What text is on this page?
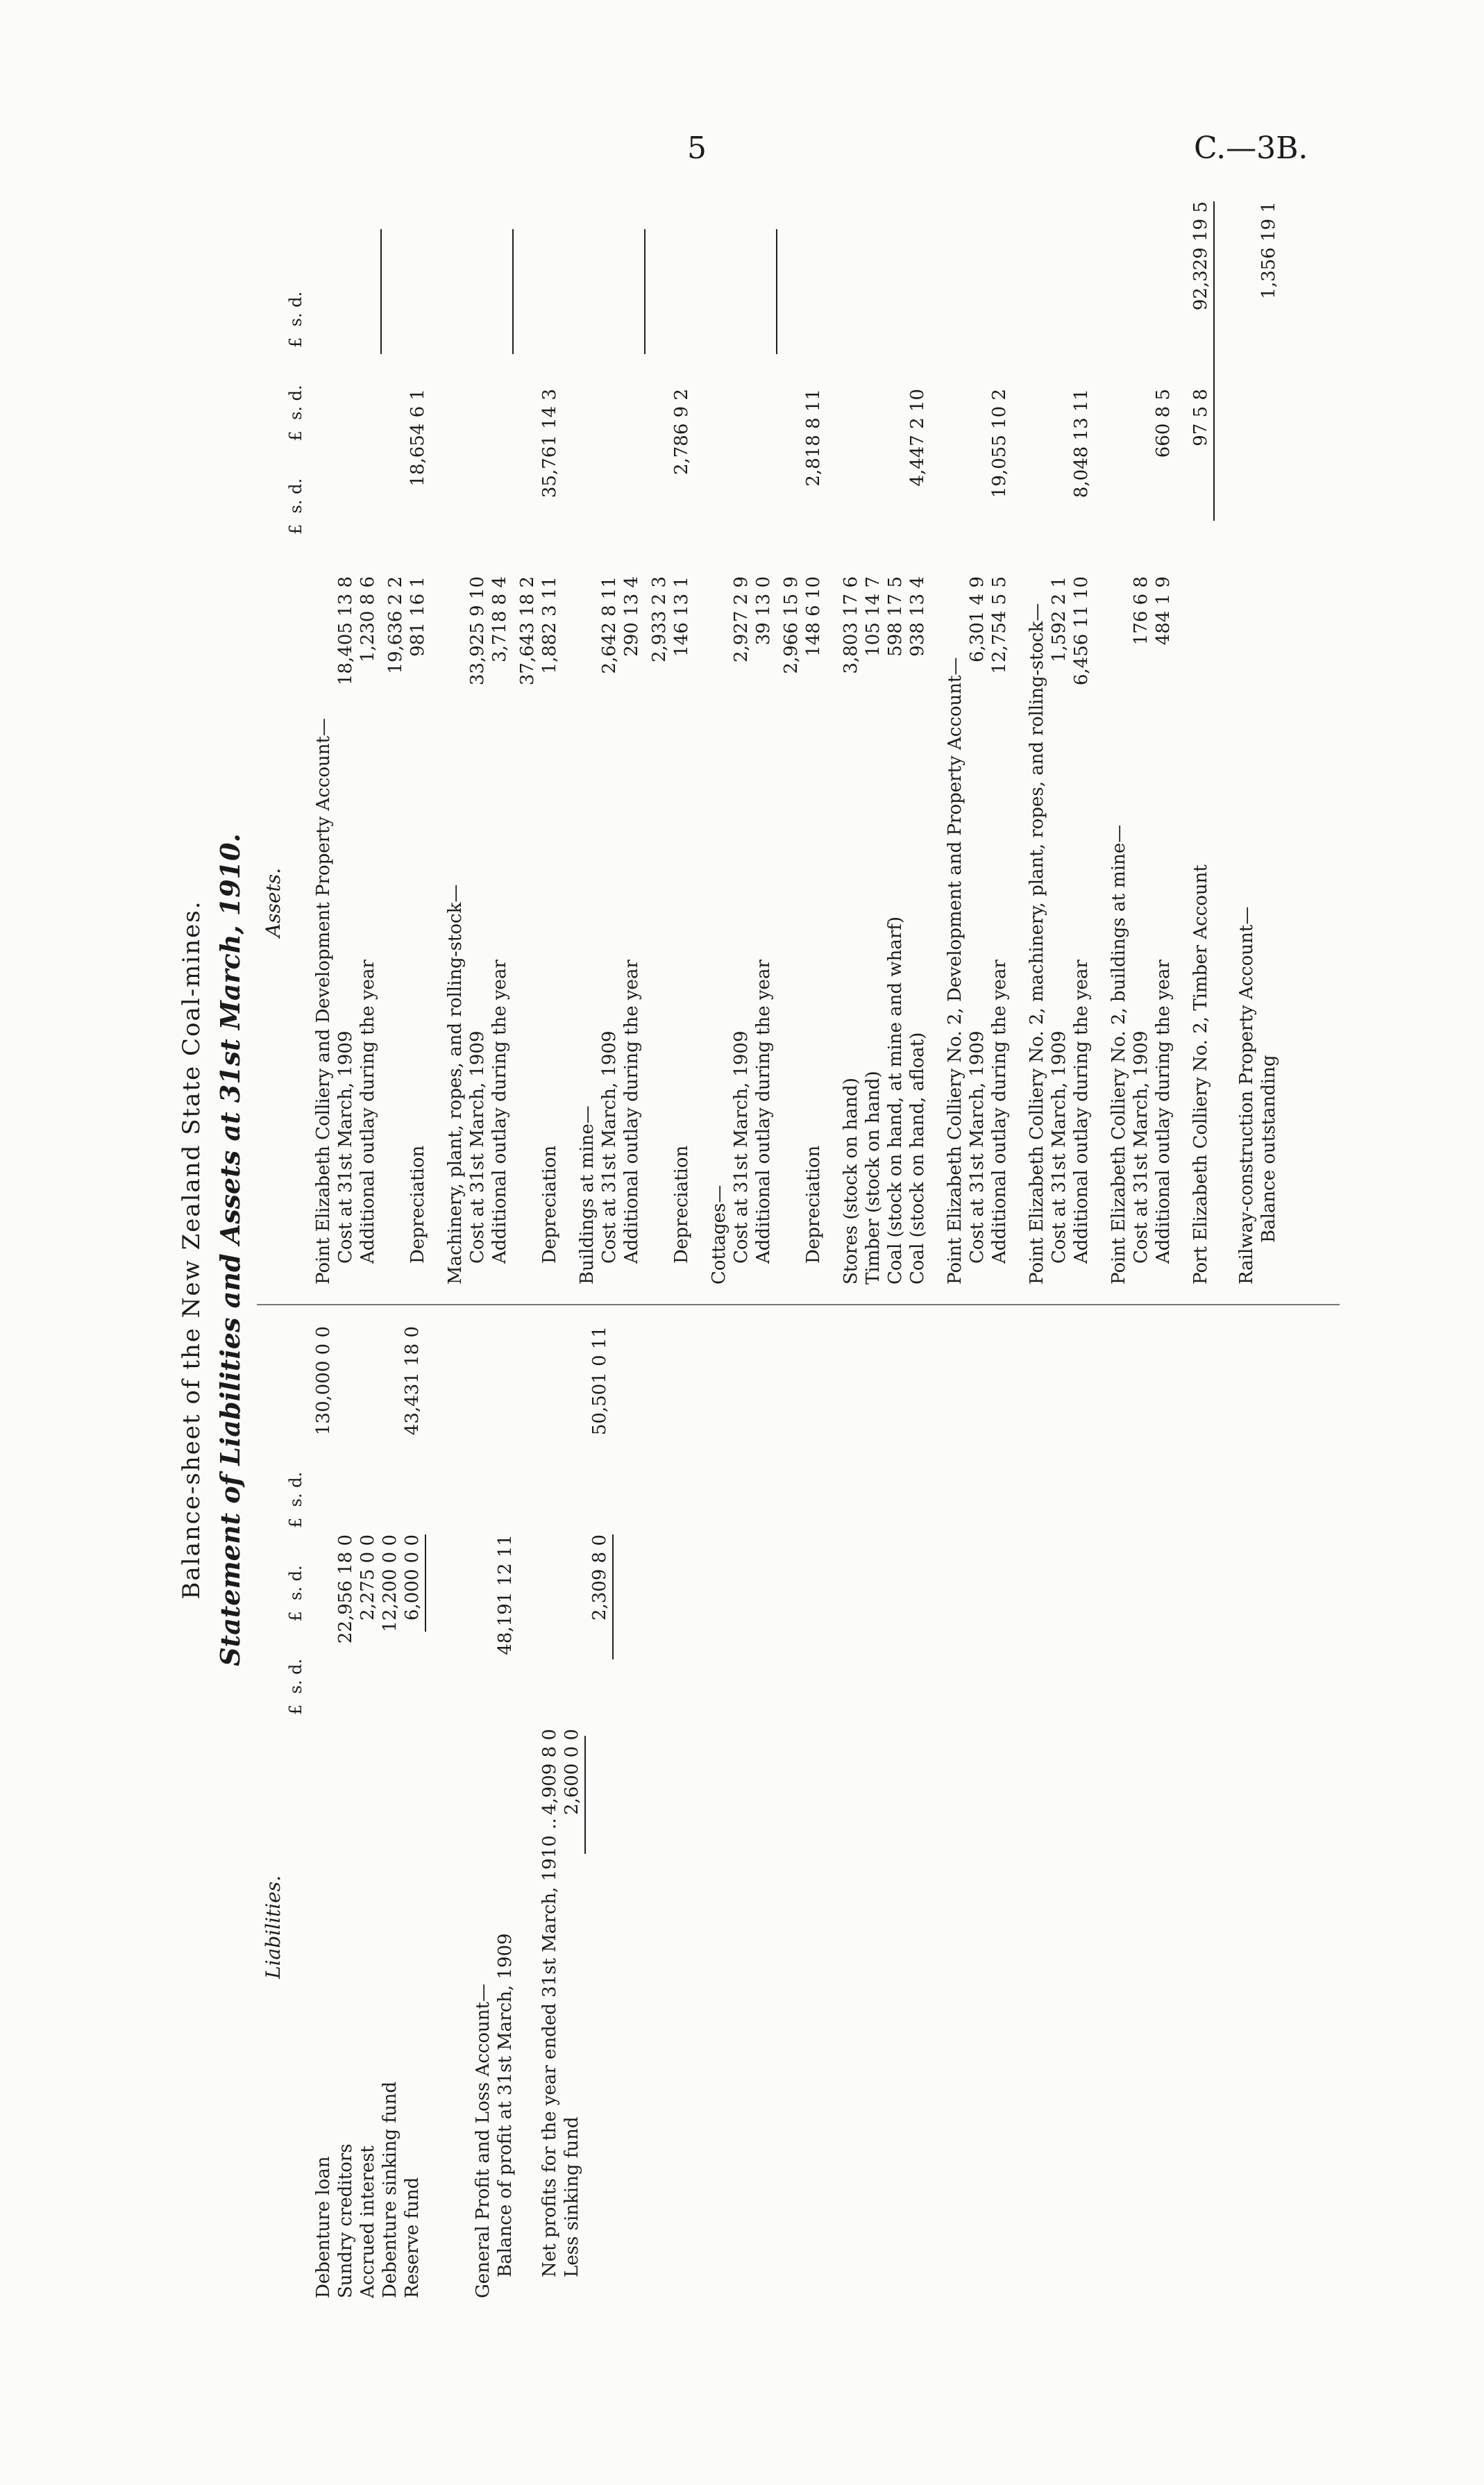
5	C.—3B.
Balance-sheet of the New Zealand State Coal-mines. Statement of Liabilities and Assets at 31st March, 1910.
Liabilities.
£  s. d.       £  s. d.       £  s. d.
Debenture loan
130,000 0 0
Sundry creditors
22,956 18 0
Accrued interest
2,275 0 0
Debenture sinking fund
12,200 0 0
Reserve fund
6,000 0 0
43,431 18 0
General Profit and Loss Account— Balance of profit at 31st March, 1909
48,191 12 11
Net profits for the year ended 31st March, 1910 ..
4,909 8 0
Less sinking fund
2,600 0 0
2,309 8 0
50,501 0 11
Assets.
£  s. d.       £  s. d.       £  s. d.
Point Elizabeth Colliery and Development Property Account— Cost at 31st March, 1909
18,405 13 8
Additional outlay during the year
1,230 8 6 19,636 2 2
Depreciation
981 16 1
18,654 6 1
Machinery, plant, ropes, and rolling-stock— Cost at 31st March, 1909
33,925 9 10
Additional outlay during the year
3,718 8 4 37,643 18 2
Depreciation
1,882 3 11
35,761 14 3
Buildings at mine— Cost at 31st March, 1909
2,642 8 11
Additional outlay during the year
290 13 4 2,933 2 3
Depreciation
146 13 1
2,786 9 2
Cottages— Cost at 31st March, 1909
2,927 2 9
Additional outlay during the year
39 13 0 2,966 15 9
Depreciation
148 6 10
2,818 8 11
Stores (stock on hand)
3,803 17 6
Timber (stock on hand)
105 14 7
Coal (stock on hand, at mine and wharf)
598 17 5
Coal (stock on hand, afloat)
938 13 4
4,447 2 10
Point Elizabeth Colliery No. 2, Development and Property Account— Cost at 31st March, 1909
6,301 4 9
Additional outlay during the year
12,754 5 5
19,055 10 2
Point Elizabeth Colliery No. 2, machinery, plant, ropes, and rolling-stock— Cost at 31st March, 1909
1,592 2 1
Additional outlay during the year
6,456 11 10
8,048 13 11
Point Elizabeth Colliery No. 2, buildings at mine— Cost at 31st March, 1909
176 6 8
Additional outlay during the year
484 1 9
660 8 5
Port Elizabeth Colliery No. 2, Timber Account
97 5 8
92,329 19 5
Railway-construction Property Account— Balance outstanding
1,356 19 1
